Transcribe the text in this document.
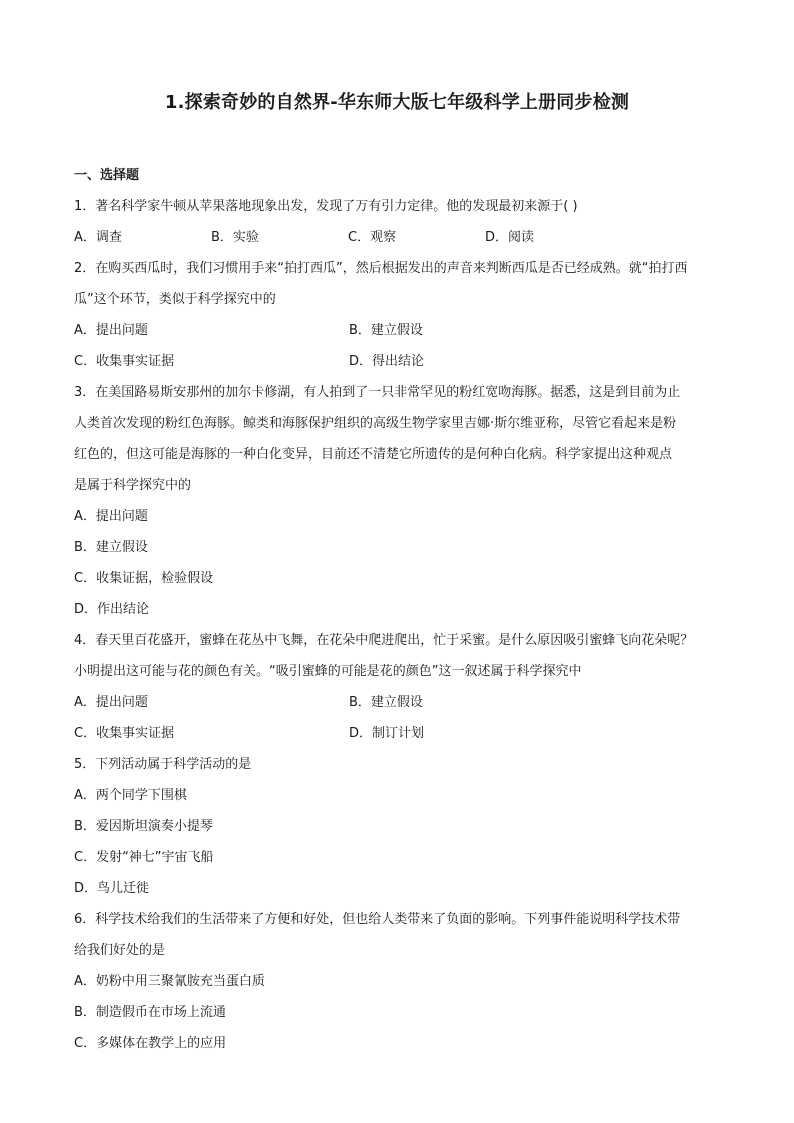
1.探索奇妙的自然界-华东师大版七年级科学上册同步检测
一、选择题
1．著名科学家牛顿从苹果落地现象出发，发现了万有引力定律。他的发现最初来源于( )
A．调查	B．实验	C．观察	D．阅读
2．在购买西瓜时，我们习惯用手来“拍打西瓜”，然后根据发出的声音来判断西瓜是否已经成熟。就“拍打西
瓜”这个环节，类似于科学探究中的
A．提出问题	B．建立假设
C．收集事实证据	D．得出结论
3．在美国路易斯安那州的加尔卡修湖，有人拍到了一只非常罕见的粉红宽吻海豚。据悉，这是到目前为止
人类首次发现的粉红色海豚。鲸类和海豚保护组织的高级生物学家里吉娜·斯尔维亚称，尽管它看起来是粉
红色的，但这可能是海豚的一种白化变异，目前还不清楚它所遗传的是何种白化病。科学家提出这种观点
是属于科学探究中的
A．提出问题
B．建立假设
C．收集证据，检验假设
D．作出结论
4．春天里百花盛开，蜜蜂在花丛中飞舞，在花朵中爬进爬出，忙于采蜜。是什么原因吸引蜜蜂飞向花朵呢？
小明提出这可能与花的颜色有关。“吸引蜜蜂的可能是花的颜色”这一叙述属于科学探究中
A．提出问题	B．建立假设
C．收集事实证据	D．制订计划
5．下列活动属于科学活动的是
A．两个同学下围棋
B．爱因斯坦演奏小提琴
C．发射“神七”宇宙飞船
D．鸟儿迁徙
6．科学技术给我们的生活带来了方便和好处，但也给人类带来了负面的影响。下列事件能说明科学技术带
给我们好处的是
A．奶粉中用三聚氰胺充当蛋白质
B．制造假币在市场上流通
C．多媒体在教学上的应用
